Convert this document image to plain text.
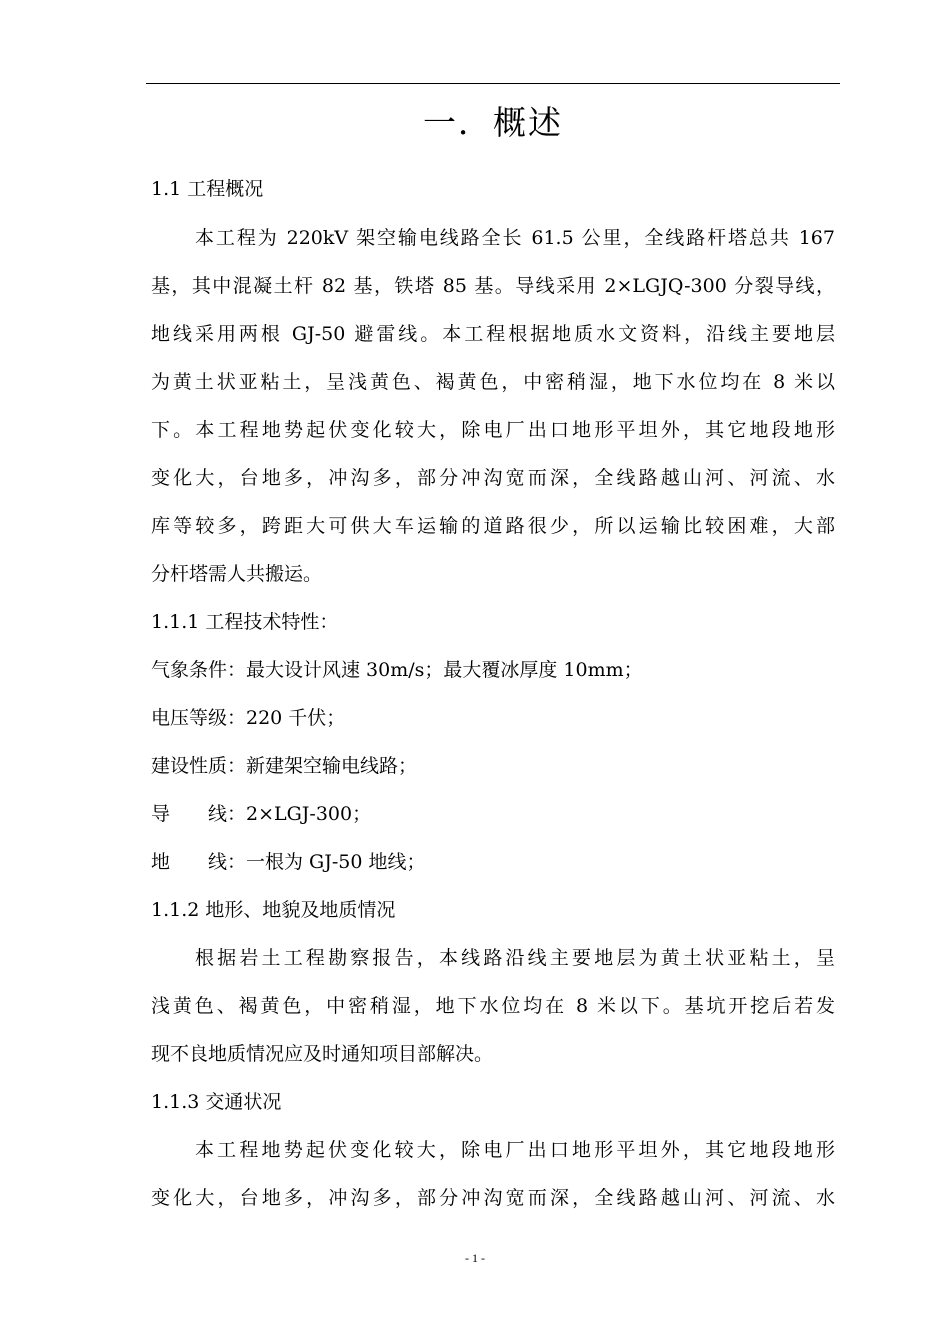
一．概述
1.1 工程概况
本工程为 220kV 架空输电线路全长 61.5 公里，全线路杆塔总共 167
基，其中混凝土杆 82 基，铁塔 85 基。导线采用 2×LGJQ-300 分裂导线，
地线采用两根 GJ-50 避雷线。本工程根据地质水文资料，沿线主要地层
为黄土状亚粘土，呈浅黄色、褐黄色，中密稍湿，地下水位均在 8 米以
下。本工程地势起伏变化较大，除电厂出口地形平坦外，其它地段地形
变化大，台地多，冲沟多，部分冲沟宽而深，全线路越山河、河流、水
库等较多，跨距大可供大车运输的道路很少，所以运输比较困难，大部
分杆塔需人共搬运。
1.1.1 工程技术特性：
气象条件：最大设计风速 30m/s；最大覆冰厚度 10mm；
电压等级：220 千伏；
建设性质：新建架空输电线路；
导　　线：2×LGJ-300；
地　　线：一根为 GJ-50 地线；
1.1.2 地形、地貌及地质情况
根据岩土工程勘察报告，本线路沿线主要地层为黄土状亚粘土，呈
浅黄色、褐黄色，中密稍湿，地下水位均在 8 米以下。基坑开挖后若发
现不良地质情况应及时通知项目部解决。
1.1.3 交通状况
本工程地势起伏变化较大，除电厂出口地形平坦外，其它地段地形
变化大，台地多，冲沟多，部分冲沟宽而深，全线路越山河、河流、水
- 1 -
